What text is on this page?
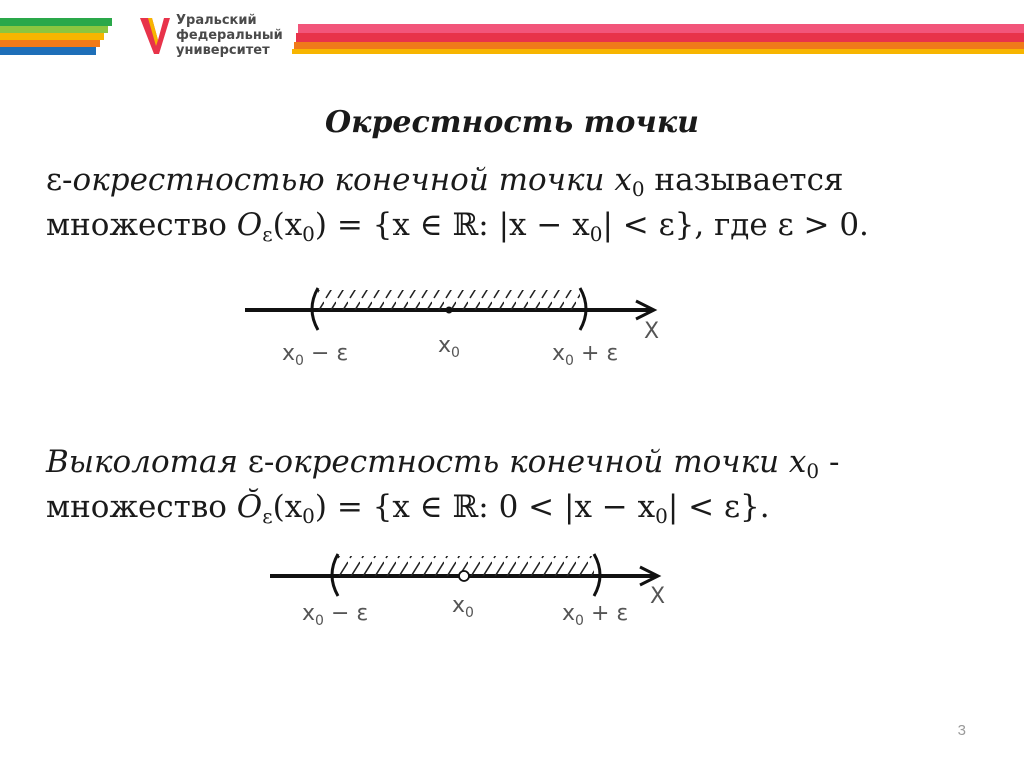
Уральский
федеральный
университет
Окрестность точки
ε-окрестностью конечной точки $x_0$ называется
множество $O_\varepsilon(x_0) = \{x$ ∈ ℝ: $|x - x_0| < \varepsilon$}, где ε > 0.
Выколотая ε-окрестность конечной точки $x_0$ -
множество $Ŏ_\varepsilon(x_0) = \{x$ ∈ ℝ: $0 < |x - x_0| < \varepsilon$}.
X
$x_0 - \varepsilon$	$x_0$	$x_0 + \varepsilon$
X
$x_0 - \varepsilon$	$x_0$	$x_0 + \varepsilon$
3
